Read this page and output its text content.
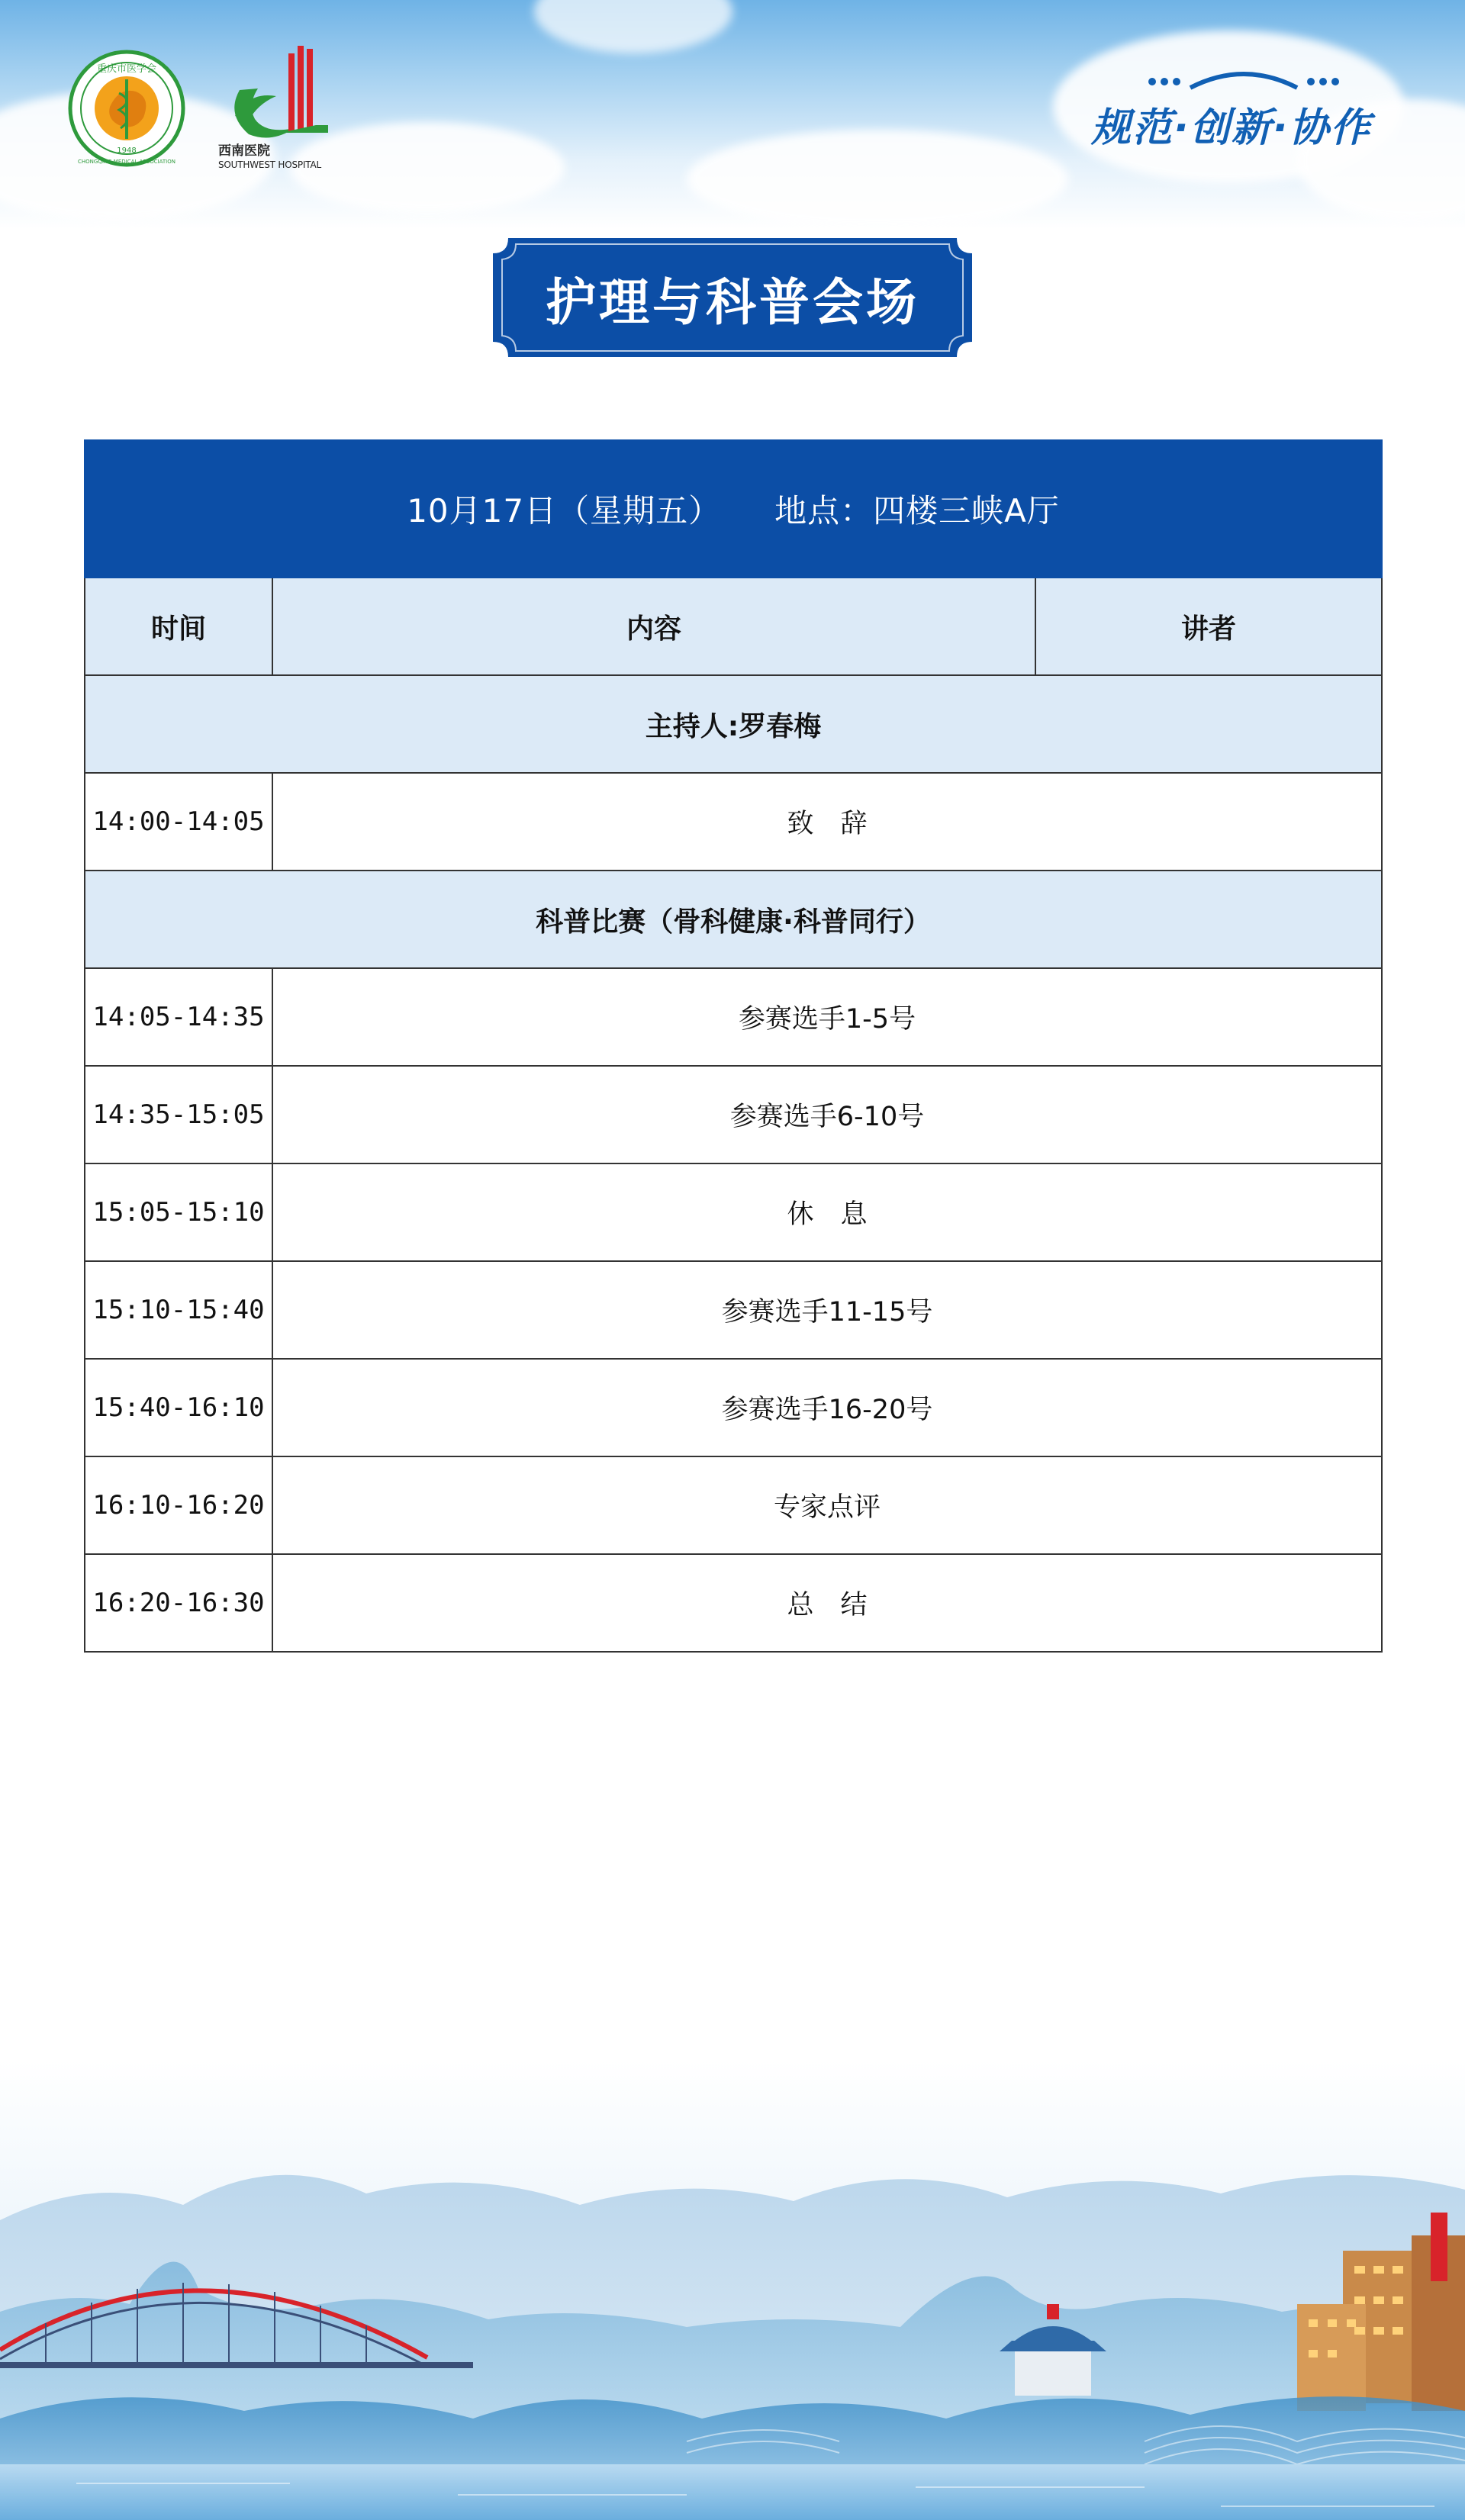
重庆市医学会
1948
CHONGQING MEDICAL ASSOCIATION
西南医院
SOUTHWEST HOSPITAL
规范·创新·协作
护理与科普会场
10月17日（星期五） 地点：四楼三峡A厅		
时间	内容	讲者
主持人:罗春梅		
14:00-14:05	致　辞	
科普比赛（骨科健康·科普同行）		
14:05-14:35	参赛选手1-5号	
14:35-15:05	参赛选手6-10号	
15:05-15:10	休　息	
15:10-15:40	参赛选手11-15号	
15:40-16:10	参赛选手16-20号	
16:10-16:20	专家点评	
16:20-16:30	总　结	
